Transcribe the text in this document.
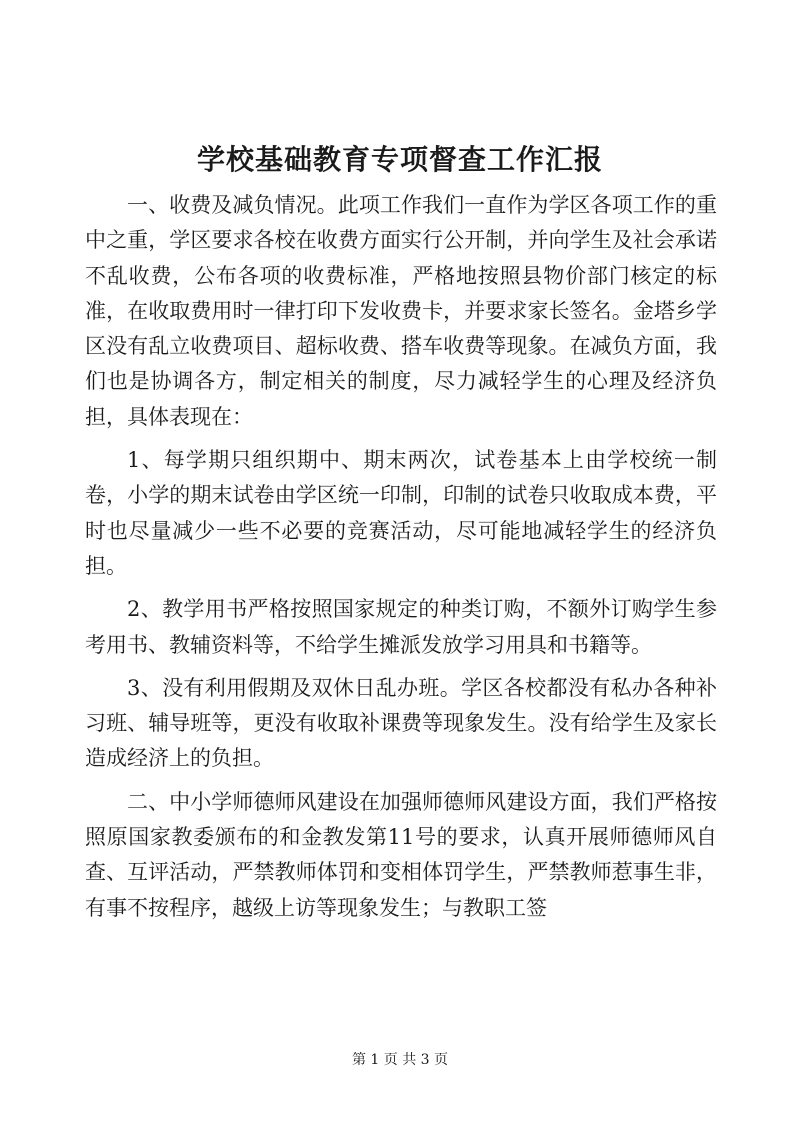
学校基础教育专项督查工作汇报

一、收费及减负情况。此项工作我们一直作为学区各项工作的重中之重，学区要求各校在收费方面实行公开制，并向学生及社会承诺不乱收费，公布各项的收费标准，严格地按照县物价部门核定的标准，在收取费用时一律打印下发收费卡，并要求家长签名。金塔乡学区没有乱立收费项目、超标收费、搭车收费等现象。在减负方面，我们也是协调各方，制定相关的制度，尽力减轻学生的心理及经济负担，具体表现在：

1、每学期只组织期中、期末两次，试卷基本上由学校统一制卷，小学的期末试卷由学区统一印制，印制的试卷只收取成本费，平时也尽量减少一些不必要的竞赛活动，尽可能地减轻学生的经济负担。

2、教学用书严格按照国家规定的种类订购，不额外订购学生参考用书、教辅资料等，不给学生摊派发放学习用具和书籍等。

3、没有利用假期及双休日乱办班。学区各校都没有私办各种补习班、辅导班等，更没有收取补课费等现象发生。没有给学生及家长造成经济上的负担。

二、中小学师德师风建设在加强师德师风建设方面，我们严格按照原国家教委颁布的和金教发第11号的要求，认真开展师德师风自查、互评活动，严禁教师体罚和变相体罚学生，严禁教师惹事生非，有事不按程序，越级上访等现象发生；与教职工签

第 1 页 共 3 页
